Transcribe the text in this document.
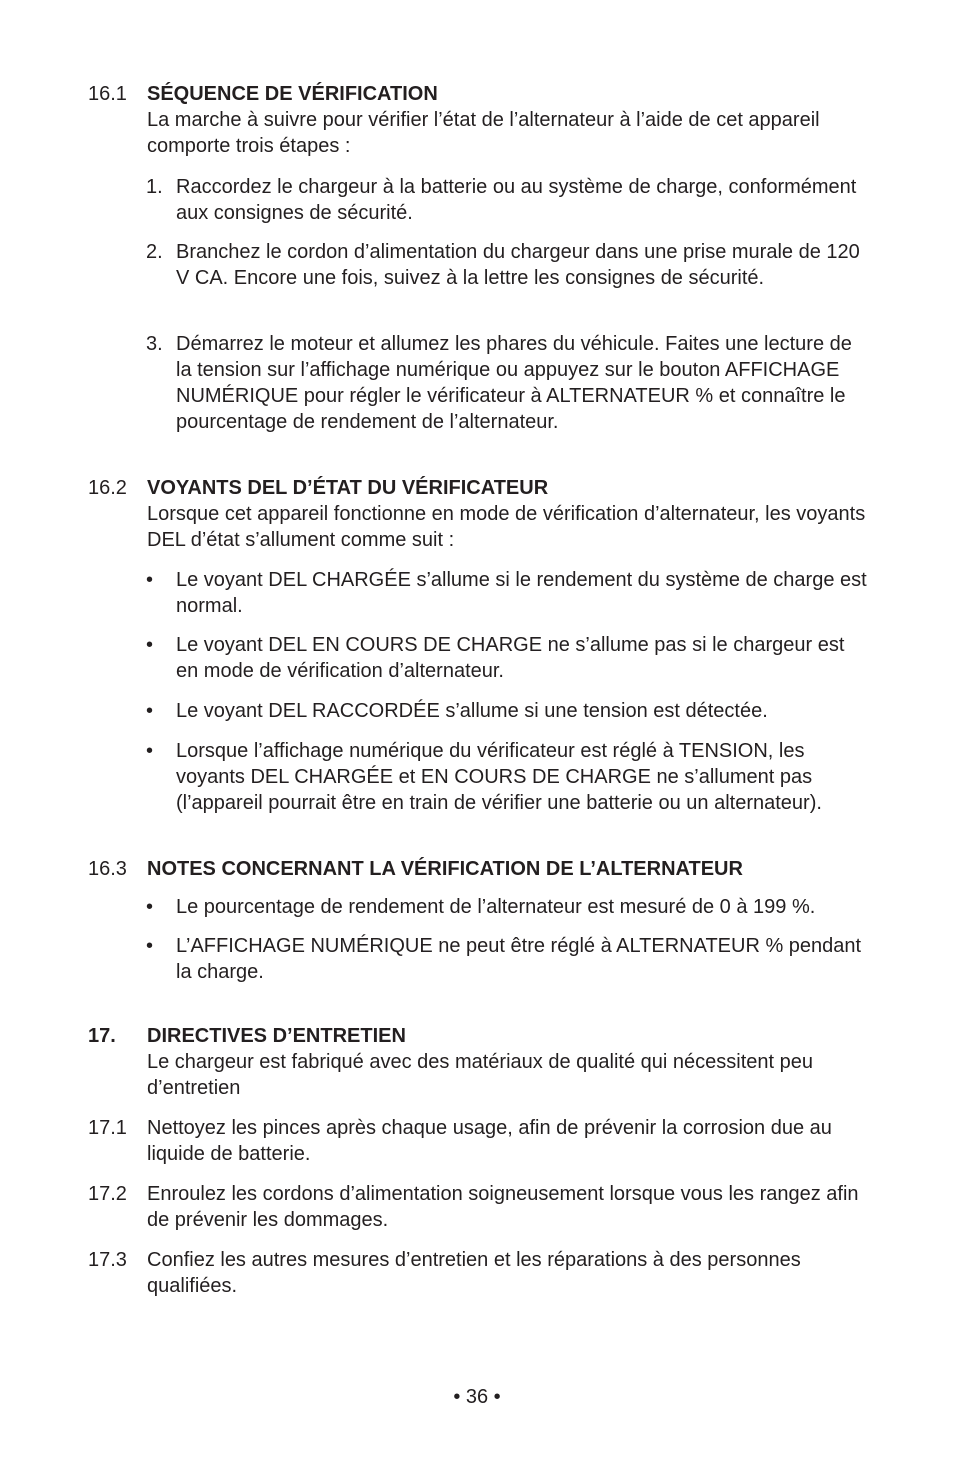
16.1	SÉQUENCE DE VÉRIFICATION
La marche à suivre pour vérifier l’état de l’alternateur à l’aide de cet appareil comporte trois étapes :
1. Raccordez le chargeur à la batterie ou au système de charge, conformément aux consignes de sécurité.
2. Branchez le cordon d’alimentation du chargeur dans une prise murale de 120 V CA. Encore une fois, suivez à la lettre les consignes de sécurité.
3. Démarrez le moteur et allumez les phares du véhicule. Faites une lecture de la tension sur l’affichage numérique ou appuyez sur le bouton AFFICHAGE NUMÉRIQUE pour régler le vérificateur à ALTERNATEUR % et connaître le pourcentage de rendement de l’alternateur.
16.2	VOYANTS DEL D’ÉTAT DU VÉRIFICATEUR
Lorsque cet appareil fonctionne en mode de vérification d’alternateur, les voyants DEL d’état s’allument comme suit :
•	Le voyant DEL CHARGÉE s’allume si le rendement du système de charge est normal.
•	Le voyant DEL EN COURS DE CHARGE ne s’allume pas si le chargeur est en mode de vérification d’alternateur.
•	Le voyant DEL RACCORDÉE s’allume si une tension est détectée.
•	Lorsque l’affichage numérique du vérificateur est réglé à TENSION, les voyants DEL CHARGÉE et EN COURS DE CHARGE ne s’allument pas (l’appareil pourrait être en train de vérifier une batterie ou un alternateur).
16.3	NOTES CONCERNANT LA VÉRIFICATION DE L’ALTERNATEUR
•	Le pourcentage de rendement de l’alternateur est mesuré de 0 à 199 %.
•	L’AFFICHAGE NUMÉRIQUE ne peut être réglé à ALTERNATEUR % pendant la charge.
17.	DIRECTIVES D’ENTRETIEN
Le chargeur est fabriqué avec des matériaux de qualité qui nécessitent peu d’entretien
17.1	Nettoyez les pinces après chaque usage, afin de prévenir la corrosion due au liquide de batterie.
17.2	Enroulez les cordons d’alimentation soigneusement lorsque vous les rangez afin de prévenir les dommages.
17.3	Confiez les autres mesures d’entretien et les réparations à des personnes qualifiées.
• 36 •
